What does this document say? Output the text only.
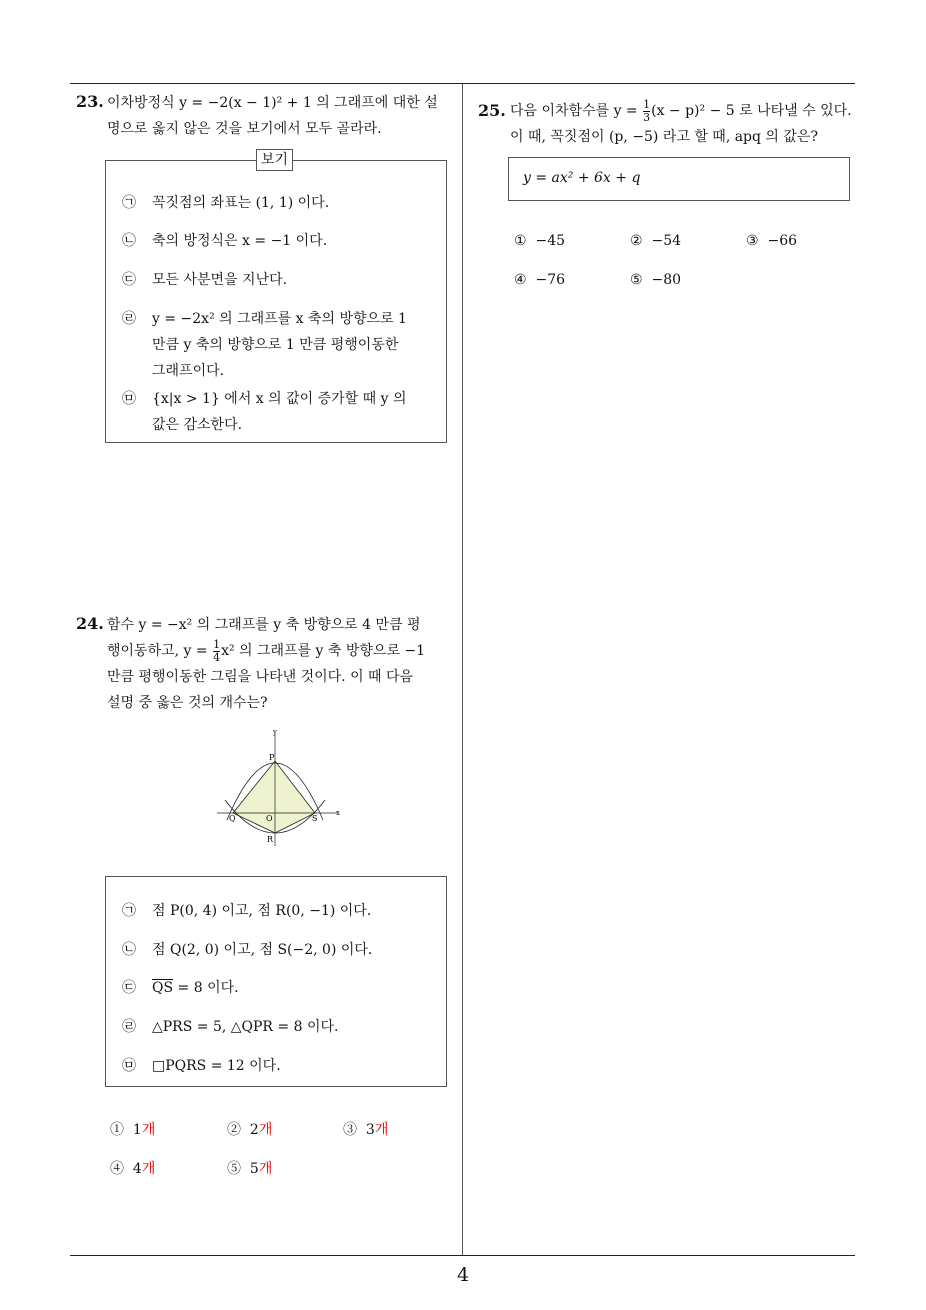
23. 이차방정식 y = −2(x − 1)² + 1 의 그래프에 대한 설
명으로 옳지 않은 것을 보기에서 모두 골라라.
보기
㉠ 꼭짓점의 좌표는 (1, 1) 이다.
㉡ 축의 방정식은 x = −1 이다.
㉢ 모든 사분면을 지난다.
㉣ y = −2x² 의 그래프를 x 축의 방향으로 1
만큼 y 축의 방향으로 1 만큼 평행이동한
그래프이다.
㉤ {x|x > 1} 에서 x 의 값이 증가할 때 y 의
값은 감소한다.
24. 함수 y = −x² 의 그래프를 y 축 방향으로 4 만큼 평
행이동하고, $y = \frac{1}{4} x^2$ 의 그래프를 y 축 방향으로 −1
만큼 평행이동한 그림을 나타낸 것이다. 이 때 다음
설명 중 옳은 것의 개수는?
y
x
P
Q	O
R
S
㉠ 점 P(0, 4) 이고, 점 R(0, −1) 이다.
㉡ 점 Q(2, 0) 이고, 점 S(−2, 0) 이다.
㉢ $\overline{QS} = 8$ 이다.
㉣ △PRS = 5, △QPR = 8 이다.
㉤ □PQRS = 12 이다.
① 1개	② 2개	③ 3개
④ 4개	⑤ 5개
25. 다음 이차함수를 $y = \frac{1}{3} (x - p)^2 - 5$ 로 나타낼 수 있다.
이 때, 꼭짓점이 (p, −5) 라고 할 때, apq 의 값은?
y = ax² + 6x + q
① −45	② −54	③ −66
④ −76	⑤ −80
4
